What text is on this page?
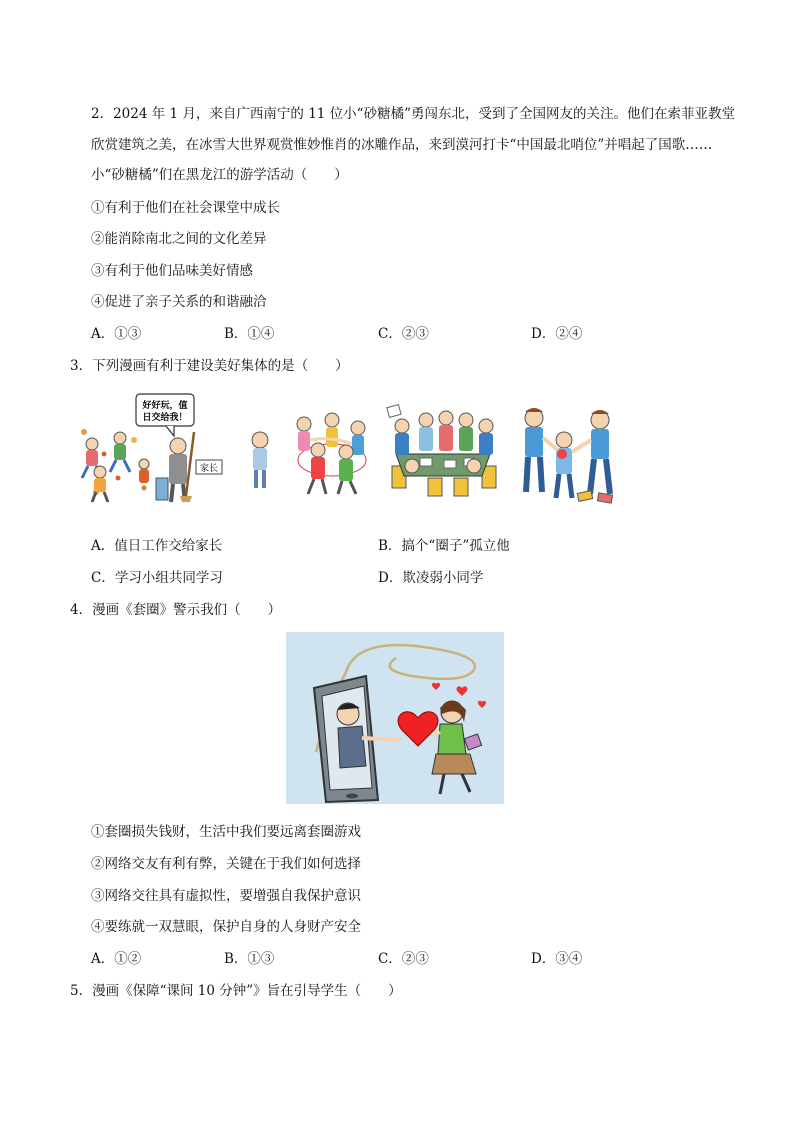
2．2024 年 1 月，来自广西南宁的 11 位小“砂糖橘”勇闯东北，受到了全国网友的关注。他们在索菲亚教堂
欣赏建筑之美，在冰雪大世界观赏惟妙惟肖的冰雕作品，来到漠河打卡“中国最北哨位”并唱起了国歌……
小“砂糖橘”们在黑龙江的游学活动（　　）
①有利于他们在社会课堂中成长
②能消除南北之间的文化差异
③有利于他们品味美好情感
④促进了亲子关系的和谐融洽
A．①③	B．①④	C．②③	D．②④
3．下列漫画有利于建设美好集体的是（　　）
好好玩，值
日交给我！
家长
A．值日工作交给家长	B．搞个“圈子”孤立他
C．学习小组共同学习	D．欺凌弱小同学
4．漫画《套圈》警示我们（　　）
①套圈损失钱财，生活中我们要远离套圈游戏
②网络交友有利有弊，关键在于我们如何选择
③网络交往具有虚拟性，要增强自我保护意识
④要练就一双慧眼，保护自身的人身财产安全
A．①②	B．①③	C．②③	D．③④
5．漫画《保障“课间 10 分钟”》旨在引导学生（　　）
